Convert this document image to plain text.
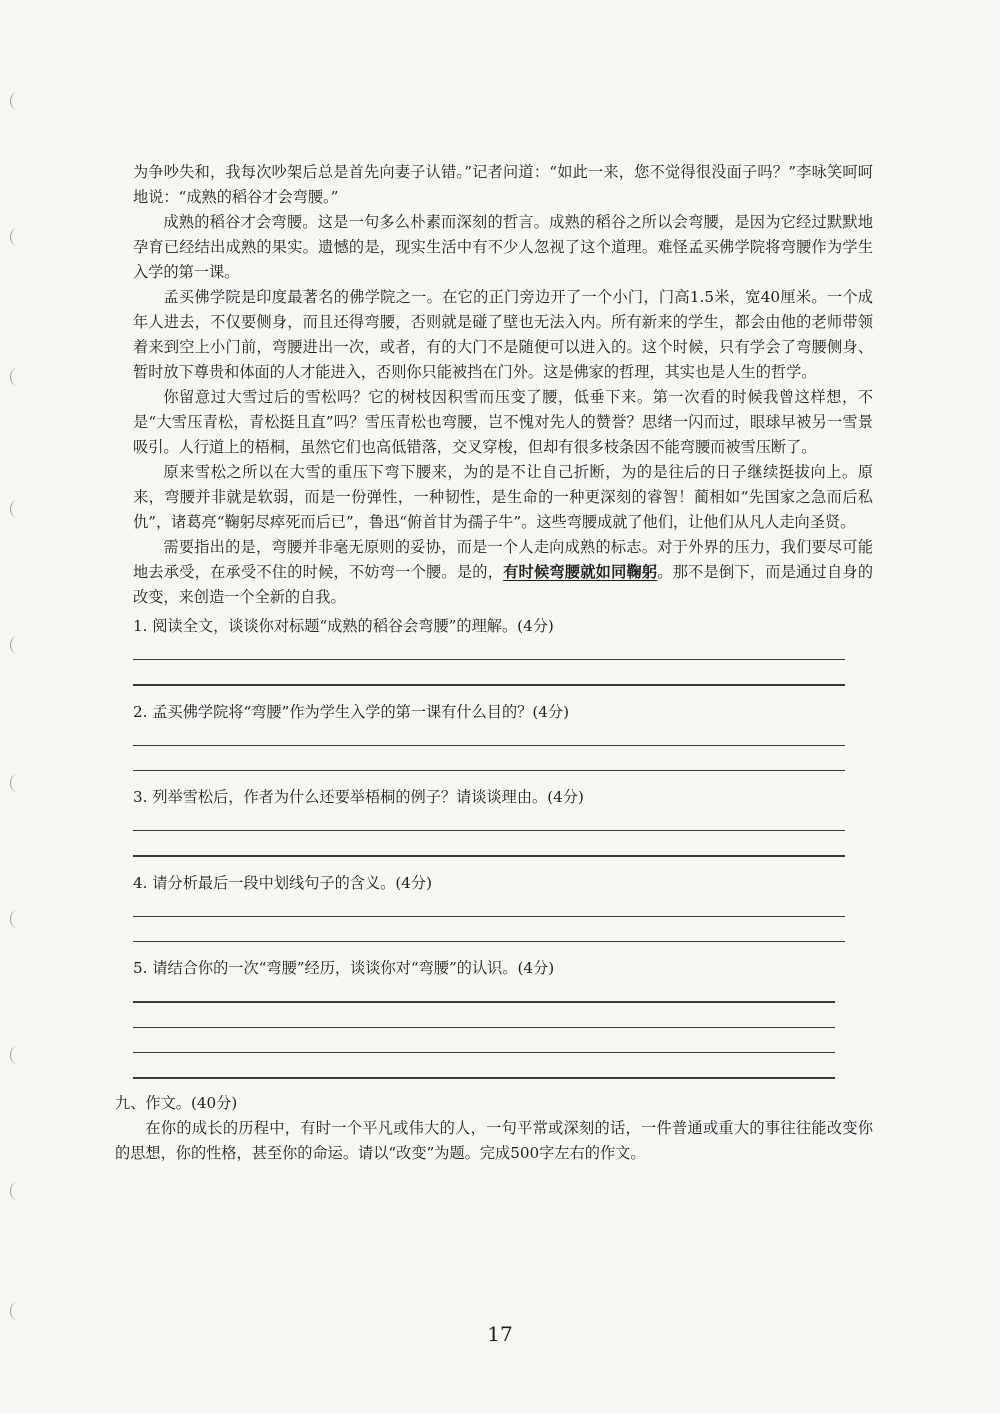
为争吵失和，我每次吵架后总是首先向妻子认错。”记者问道：“如此一来，您不觉得很没面子吗？”李咏笑呵呵地说：“成熟的稻谷才会弯腰。”

成熟的稻谷才会弯腰。这是一句多么朴素而深刻的哲言。成熟的稻谷之所以会弯腰，是因为它经过默默地孕育已经结出成熟的果实。遗憾的是，现实生活中有不少人忽视了这个道理。难怪孟买佛学院将弯腰作为学生入学的第一课。

孟买佛学院是印度最著名的佛学院之一。在它的正门旁边开了一个小门，门高1.5米，宽40厘米。一个成年人进去，不仅要侧身，而且还得弯腰，否则就是碰了壁也无法入内。所有新来的学生，都会由他的老师带领着来到空上小门前，弯腰进出一次，或者，有的大门不是随便可以进入的。这个时候，只有学会了弯腰侧身、暂时放下尊贵和体面的人才能进入，否则你只能被挡在门外。这是佛家的哲理，其实也是人生的哲学。

你留意过大雪过后的雪松吗？它的树枝因积雪而压变了腰，低垂下来。第一次看的时候我曾这样想，不是“大雪压青松，青松挺且直”吗？雪压青松也弯腰，岂不愧对先人的赞誉？思绪一闪而过，眼球早被另一雪景吸引。人行道上的梧桐，虽然它们也高低错落，交叉穿梭，但却有很多枝条因不能弯腰而被雪压断了。

原来雪松之所以在大雪的重压下弯下腰来，为的是不让自己折断，为的是往后的日子继续挺拔向上。原来，弯腰并非就是软弱，而是一份弹性，一种韧性，是生命的一种更深刻的睿智！蔺相如“先国家之急而后私仇”，诸葛亮“鞠躬尽瘁死而后已”，鲁迅“俯首甘为孺子牛”。这些弯腰成就了他们，让他们从凡人走向圣贤。

需要指出的是，弯腰并非毫无原则的妥协，而是一个人走向成熟的标志。对于外界的压力，我们要尽可能地去承受，在承受不住的时候，不妨弯一个腰。是的，有时候弯腰就如同鞠躬。那不是倒下，而是通过自身的改变，来创造一个全新的自我。

1. 阅读全文，谈谈你对标题“成熟的稻谷会弯腰”的理解。(4分)

2. 孟买佛学院将“弯腰”作为学生入学的第一课有什么目的？(4分)

3. 列举雪松后，作者为什么还要举梧桐的例子？请谈谈理由。(4分)

4. 请分析最后一段中划线句子的含义。(4分)

5. 请结合你的一次“弯腰”经历，谈谈你对“弯腰”的认识。(4分)

九、作文。(40分)

在你的成长的历程中，有时一个平凡或伟大的人，一句平常或深刻的话，一件普通或重大的事往往能改变你的思想，你的性格，甚至你的命运。请以“改变”为题。完成500字左右的作文。

17
